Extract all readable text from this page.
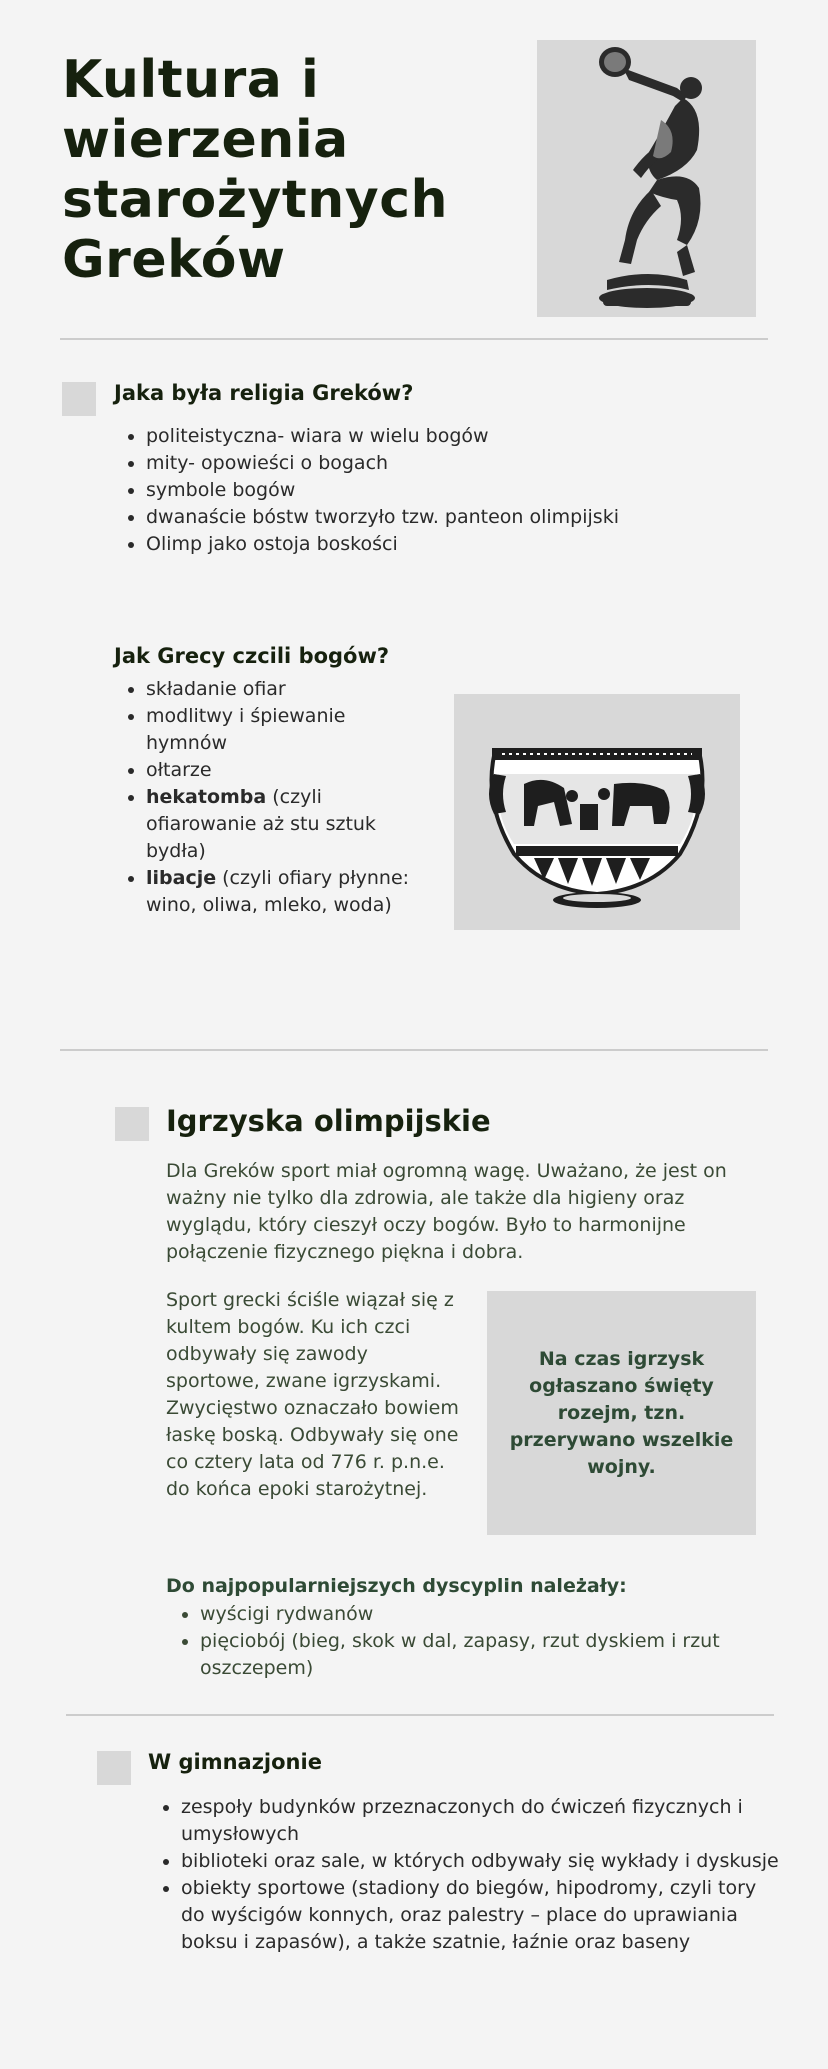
Kultura i wierzenia starożytnych Greków
Jaka była religia Greków?
• politeistyczna- wiara w wielu bogów
• mity- opowieści o bogach
• symbole bogów
• dwanaście bóstw tworzyło tzw. panteon olimpijski
• Olimp jako ostoja boskości
Jak Grecy czcili bogów?
• składanie ofiar
• modlitwy i śpiewanie hymnów
• ołtarze
• hekatomba (czyli ofiarowanie aż stu sztuk bydła)
• libacje (czyli ofiary płynne: wino, oliwa, mleko, woda)
Igrzyska olimpijskie

Dla Greków sport miał ogromną wagę. Uważano, że jest on ważny nie tylko dla zdrowia, ale także dla higieny oraz wyglądu, który cieszył oczy bogów. Było to harmonijne połączenie fizycznego piękna i dobra.

Sport grecki ściśle wiązał się z kultem bogów. Ku ich czci odbywały się zawody sportowe, zwane igrzyskami. Zwycięstwo oznaczało bowiem łaskę boską. Odbywały się one co cztery lata od 776 r. p.n.e. do końca epoki starożytnej.

Na czas igrzysk ogłaszano święty rozejm, tzn. przerywano wszelkie wojny.

Do najpopularniejszych dyscyplin należały:

• wyścigi rydwanów
• pięciobój (bieg, skok w dal, zapasy, rzut dyskiem i rzut oszczepem)
W gimnazjonie
• zespoły budynków przeznaczonych do ćwiczeń fizycznych i umysłowych
• biblioteki oraz sale, w których odbywały się wykłady i dyskusje
• obiekty sportowe (stadiony do biegów, hipodromy, czyli tory do wyścigów konnych, oraz palestry – place do uprawiania boksu i zapasów), a także szatnie, łaźnie oraz baseny
